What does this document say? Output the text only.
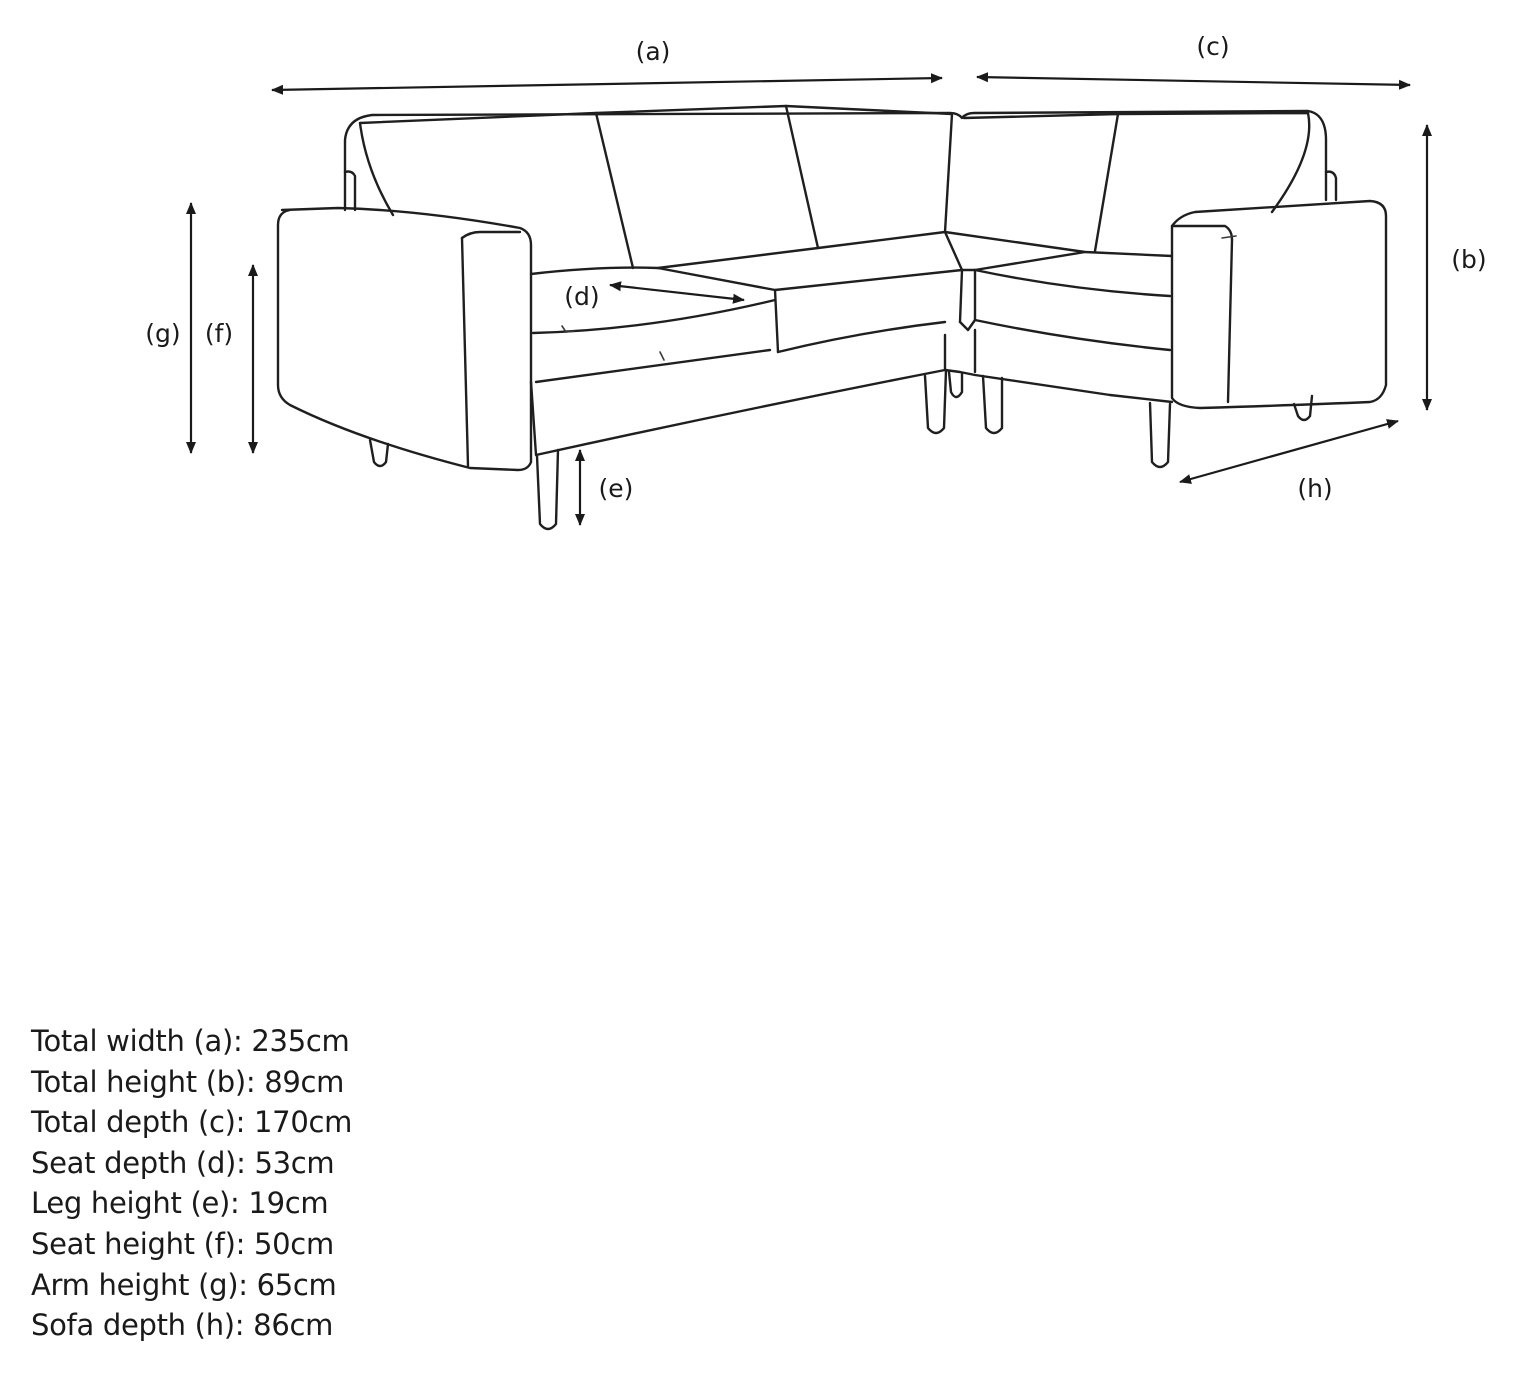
(a)	(c)
(b)
(g) (f)
(d)
(e)	(h)
Total width (a): 235cm
Total height (b): 89cm
Total depth (c): 170cm
Seat depth (d): 53cm
Leg height (e): 19cm
Seat height (f): 50cm
Arm height (g): 65cm
Sofa depth (h): 86cm
